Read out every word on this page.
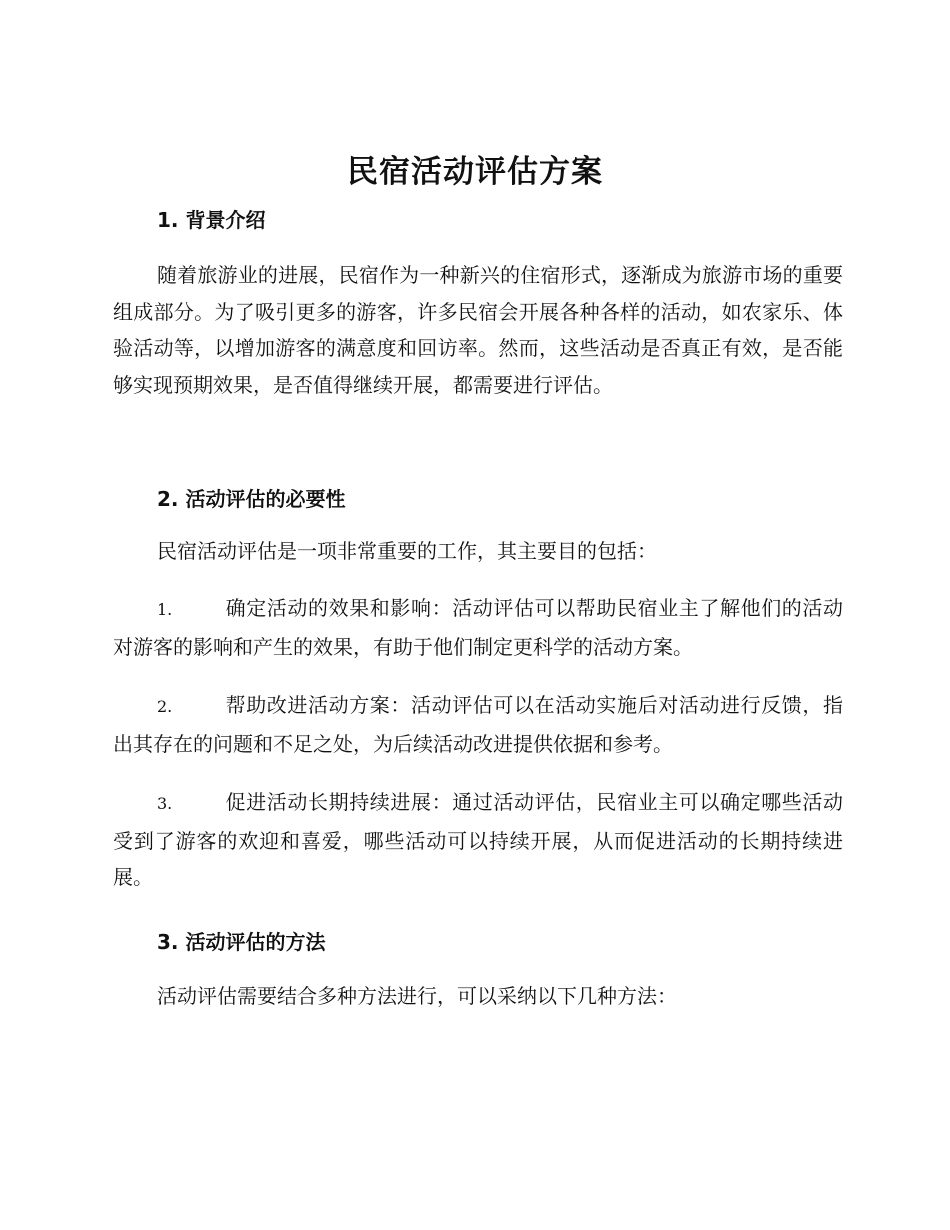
民宿活动评估方案
1. 背景介绍
随着旅游业的进展，民宿作为一种新兴的住宿形式，逐渐成为旅游市场的重要组成部分。为了吸引更多的游客，许多民宿会开展各种各样的活动，如农家乐、体验活动等，以增加游客的满意度和回访率。然而，这些活动是否真正有效，是否能够实现预期效果，是否值得继续开展，都需要进行评估。
2. 活动评估的必要性
民宿活动评估是一项非常重要的工作，其主要目的包括：
1.	确定活动的效果和影响：活动评估可以帮助民宿业主了解他们的活动对游客的影响和产生的效果，有助于他们制定更科学的活动方案。
2.	帮助改进活动方案：活动评估可以在活动实施后对活动进行反馈，指出其存在的问题和不足之处，为后续活动改进提供依据和参考。
3.	促进活动长期持续进展：通过活动评估，民宿业主可以确定哪些活动受到了游客的欢迎和喜爱，哪些活动可以持续开展，从而促进活动的长期持续进展。
3. 活动评估的方法
活动评估需要结合多种方法进行，可以采纳以下几种方法：
